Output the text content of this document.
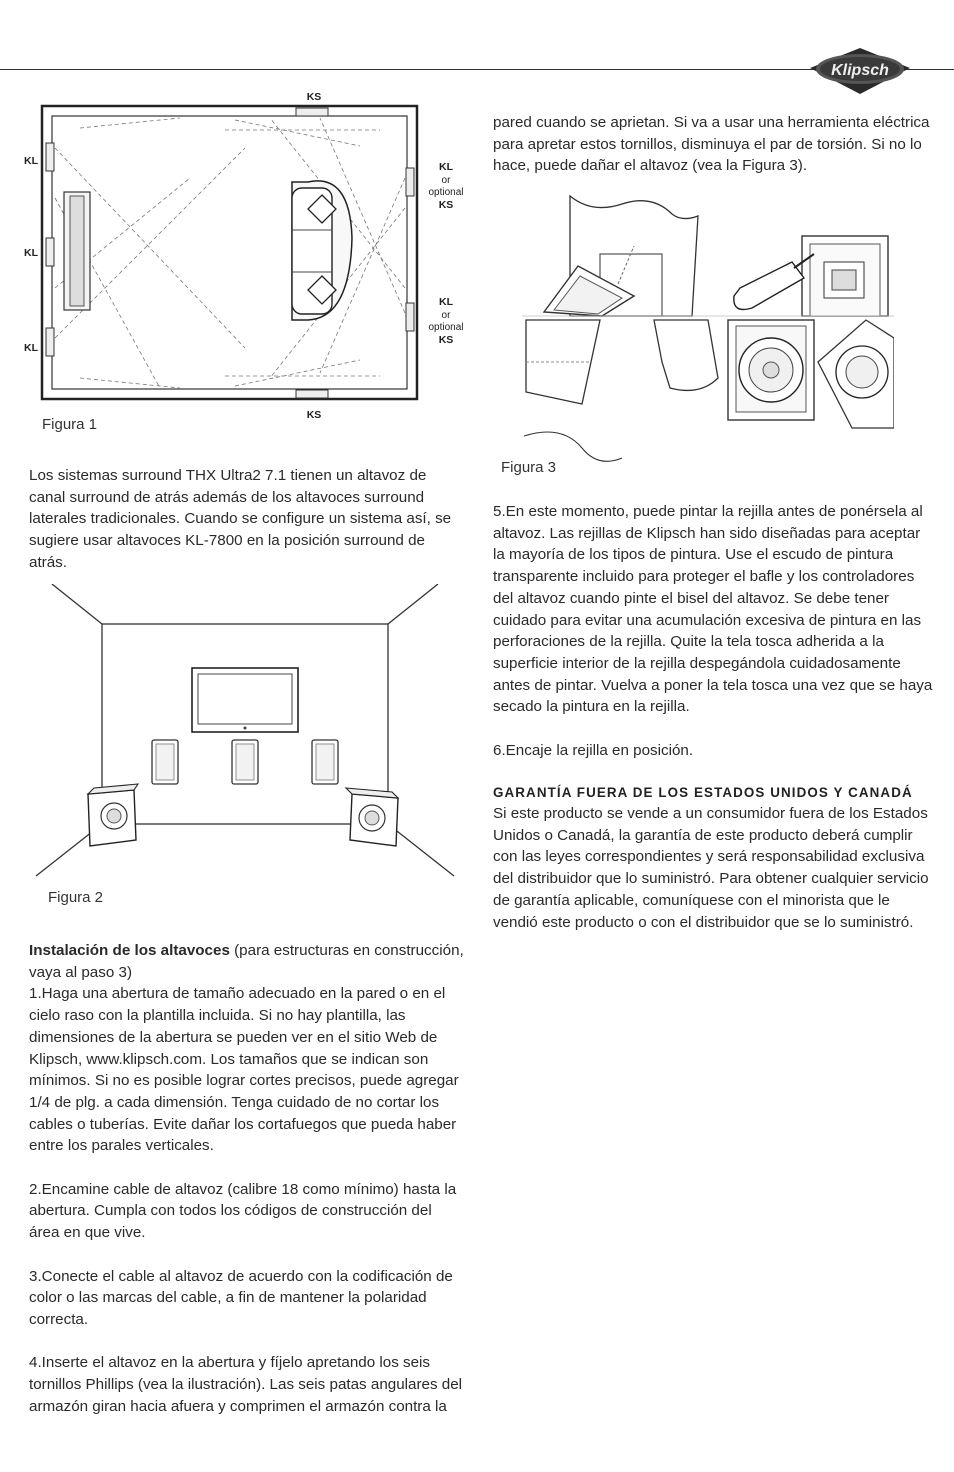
Klipsch
KS
KS
KL
KL
KL
KL
KS
KL
KS
or
optional
or
optional
Figura 1

Los sistemas surround THX Ultra2 7.1 tienen un altavoz de canal surround de atrás además de los altavoces surround laterales tradicionales. Cuando se configure un sistema así, se sugiere usar altavoces KL-7800 en la posición surround de atrás.

Figura 2

Instalación de los altavoces (para estructuras en construcción, vaya al paso 3)

1.Haga una abertura de tamaño adecuado en la pared o en el cielo raso con la plantilla incluida. Si no hay plantilla, las dimensiones de la abertura se pueden ver en el sitio Web de Klipsch, www.klipsch.com. Los tamaños que se indican son mínimos. Si no es posible lograr cortes precisos, puede agregar 1/4 de plg. a cada dimensión. Tenga cuidado de no cortar los cables o tuberías. Evite dañar los cortafuegos que pueda haber entre los parales verticales.

2.Encamine cable de altavoz (calibre 18 como mínimo) hasta la abertura. Cumpla con todos los códigos de construcción del área en que vive.

3.Conecte el cable al altavoz de acuerdo con la codificación de color o las marcas del cable, a fin de mantener la polaridad correcta.

4.Inserte el altavoz en la abertura y fíjelo apretando los seis tornillos Phillips (vea la ilustración). Las seis patas angulares del armazón giran hacia afuera y comprimen el armazón contra la

pared cuando se aprietan. Si va a usar una herramienta eléctrica para apretar estos tornillos, disminuya el par de torsión. Si no lo hace, puede dañar el altavoz (vea la Figura 3).

Figura 3

5.En este momento, puede pintar la rejilla antes de ponérsela al altavoz. Las rejillas de Klipsch han sido diseñadas para aceptar la mayoría de los tipos de pintura. Use el escudo de pintura transparente incluido para proteger el bafle y los controladores del altavoz cuando pinte el bisel del altavoz. Se debe tener cuidado para evitar una acumulación excesiva de pintura en las perforaciones de la rejilla. Quite la tela tosca adherida a la superficie interior de la rejilla despegándola cuidadosamente antes de pintar. Vuelva a poner la tela tosca una vez que se haya secado la pintura en la rejilla.

6.Encaje la rejilla en posición.

GARANTÍA FUERA DE LOS ESTADOS UNIDOS Y CANADÁ

Si este producto se vende a un consumidor fuera de los Estados Unidos o Canadá, la garantía de este producto deberá cumplir con las leyes correspondientes y será responsabilidad exclusiva del distribuidor que lo suministró. Para obtener cualquier servicio de garantía aplicable, comuníquese con el minorista que le vendió este producto o con el distribuidor que se lo suministró.
